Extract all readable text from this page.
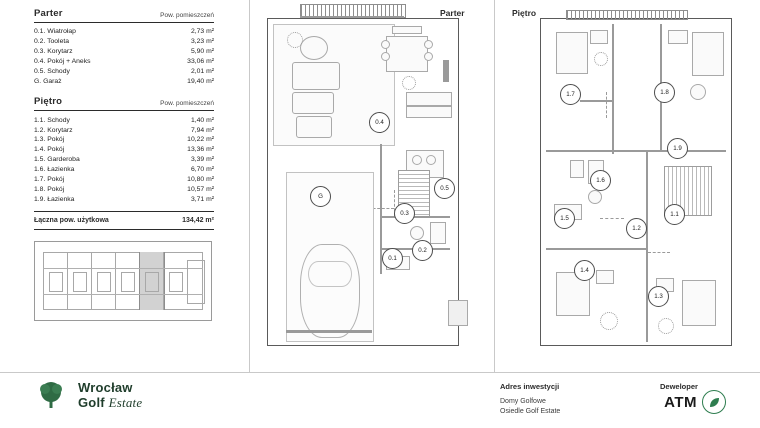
Parter	Pow. pomieszczeń
0.1. Wiatrołap	2,73 m²
0.2. Tooleta	3,23 m²
0.3. Korytarz	5,90 m²
0.4. Pokój + Aneks	33,06 m²
0.5. Schody	2,01 m²
G. Garaż	19,40 m²
Piętro	Pow. pomieszczeń
1.1. Schody	1,40 m²
1.2. Korytarz	7,94 m²
1.3. Pokój	10,22 m²
1.4. Pokój	13,36 m²
1.5. Garderoba	3,39 m²
1.6. Łazienka	6,70 m²
1.7. Pokój	10,80 m²
1.8. Pokój	10,57 m²
1.9. Łazienka	3,71 m²
Łączna pow. użytkowa	134,42 m²
Parter
0.4
0.5
0.3
0.2
0.1
G
Piętro
1.7	1.8
1.9
1.6
1.1
1.5
1.2
1.4
1.3
Wrocław
Golf Estate
Adres inwestycji
Domy Golfowe
Osiedle Golf Estate
Deweloper
ATM
